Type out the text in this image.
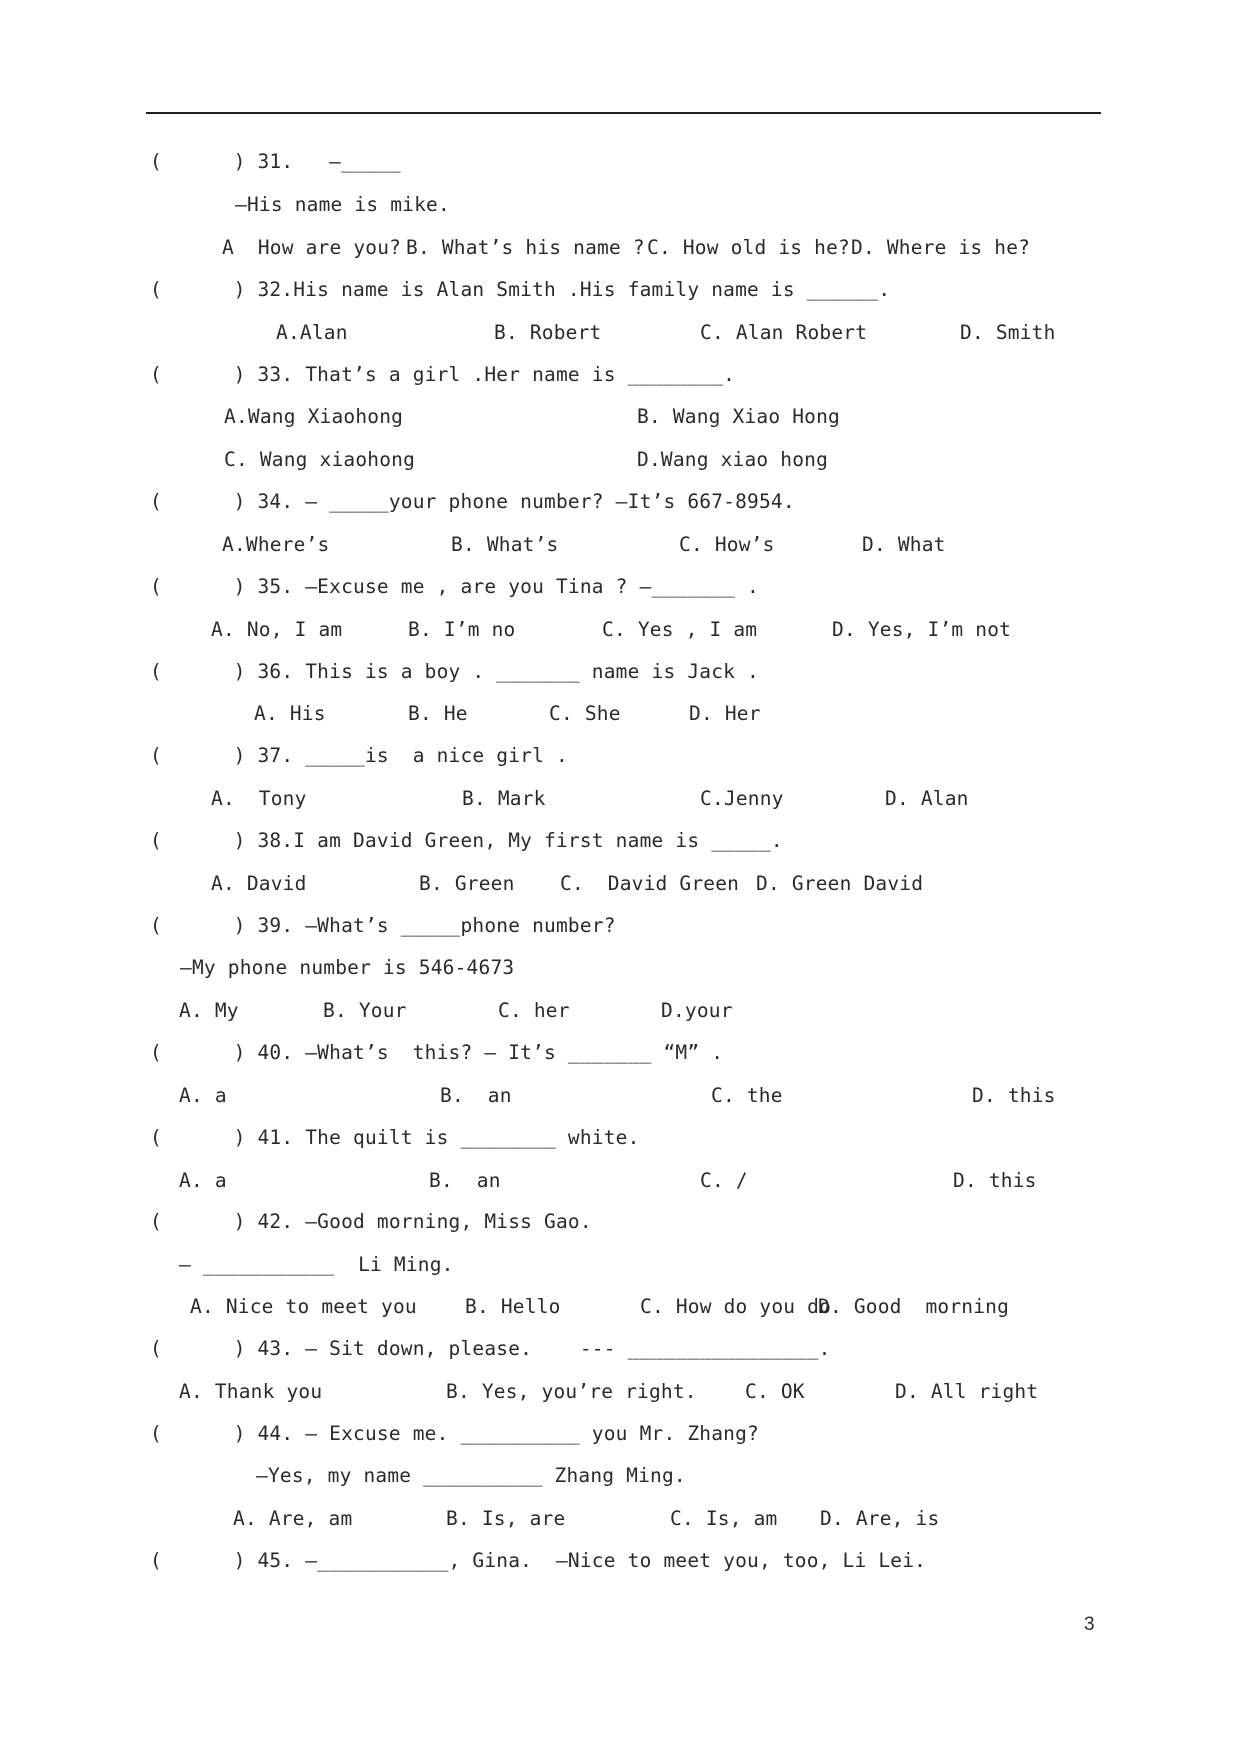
(      ) 31.   —_____
—His name is mike.
A  How are you? B. What’s his name ? C. How old is he? D. Where is he?
(      ) 32.His name is Alan Smith .His family name is ______.
A.Alan	B. Robert	C. Alan Robert	D. Smith
(      ) 33. That’s a girl .Her name is ________.
A.Wang Xiaohong	B. Wang Xiao Hong
C. Wang xiaohong	D.Wang xiao hong
(      ) 34. — _____your phone number? —It’s 667-8954.
A.Where’s	B. What’s	C. How’s	D. What
(      ) 35. —Excuse me , are you Tina ? —_______ .
A. No, I am	B. I’m no	C. Yes , I am	D. Yes, I’m not
(      ) 36. This is a boy . _______ name is Jack .
A. His	B. He	C. She	D. Her
(      ) 37. _____is  a nice girl .
A.  Tony	B. Mark	C.Jenny	D. Alan
(      ) 38.I am David Green, My first name is _____.
A. David	B. Green C.  David Green D. Green David
(      ) 39. —What’s _____phone number?
—My phone number is 546-4673
A. My	B. Your	C. her	D.your
(      ) 40. —What’s  this? — It’s _______ “M” .
A. a	B.  an	C. the	D. this
(      ) 41. The quilt is ________ white.
A. a	B.  an	C. /	D. this
(      ) 42. —Good morning, Miss Gao.
— ___________  Li Ming.
A. Nice to meet you B. Hello	C. How do you do
D. Good  morning
(      ) 43. — Sit down, please.    --- ________________.
A. Thank you	B. Yes, you’re right. C. OK	D. All right
(      ) 44. — Excuse me. __________ you Mr. Zhang?
—Yes, my name __________ Zhang Ming.
A. Are, am	B. Is, are	C. Is, am D. Are, is
(      ) 45. —___________, Gina.  —Nice to meet you, too, Li Lei.
3
